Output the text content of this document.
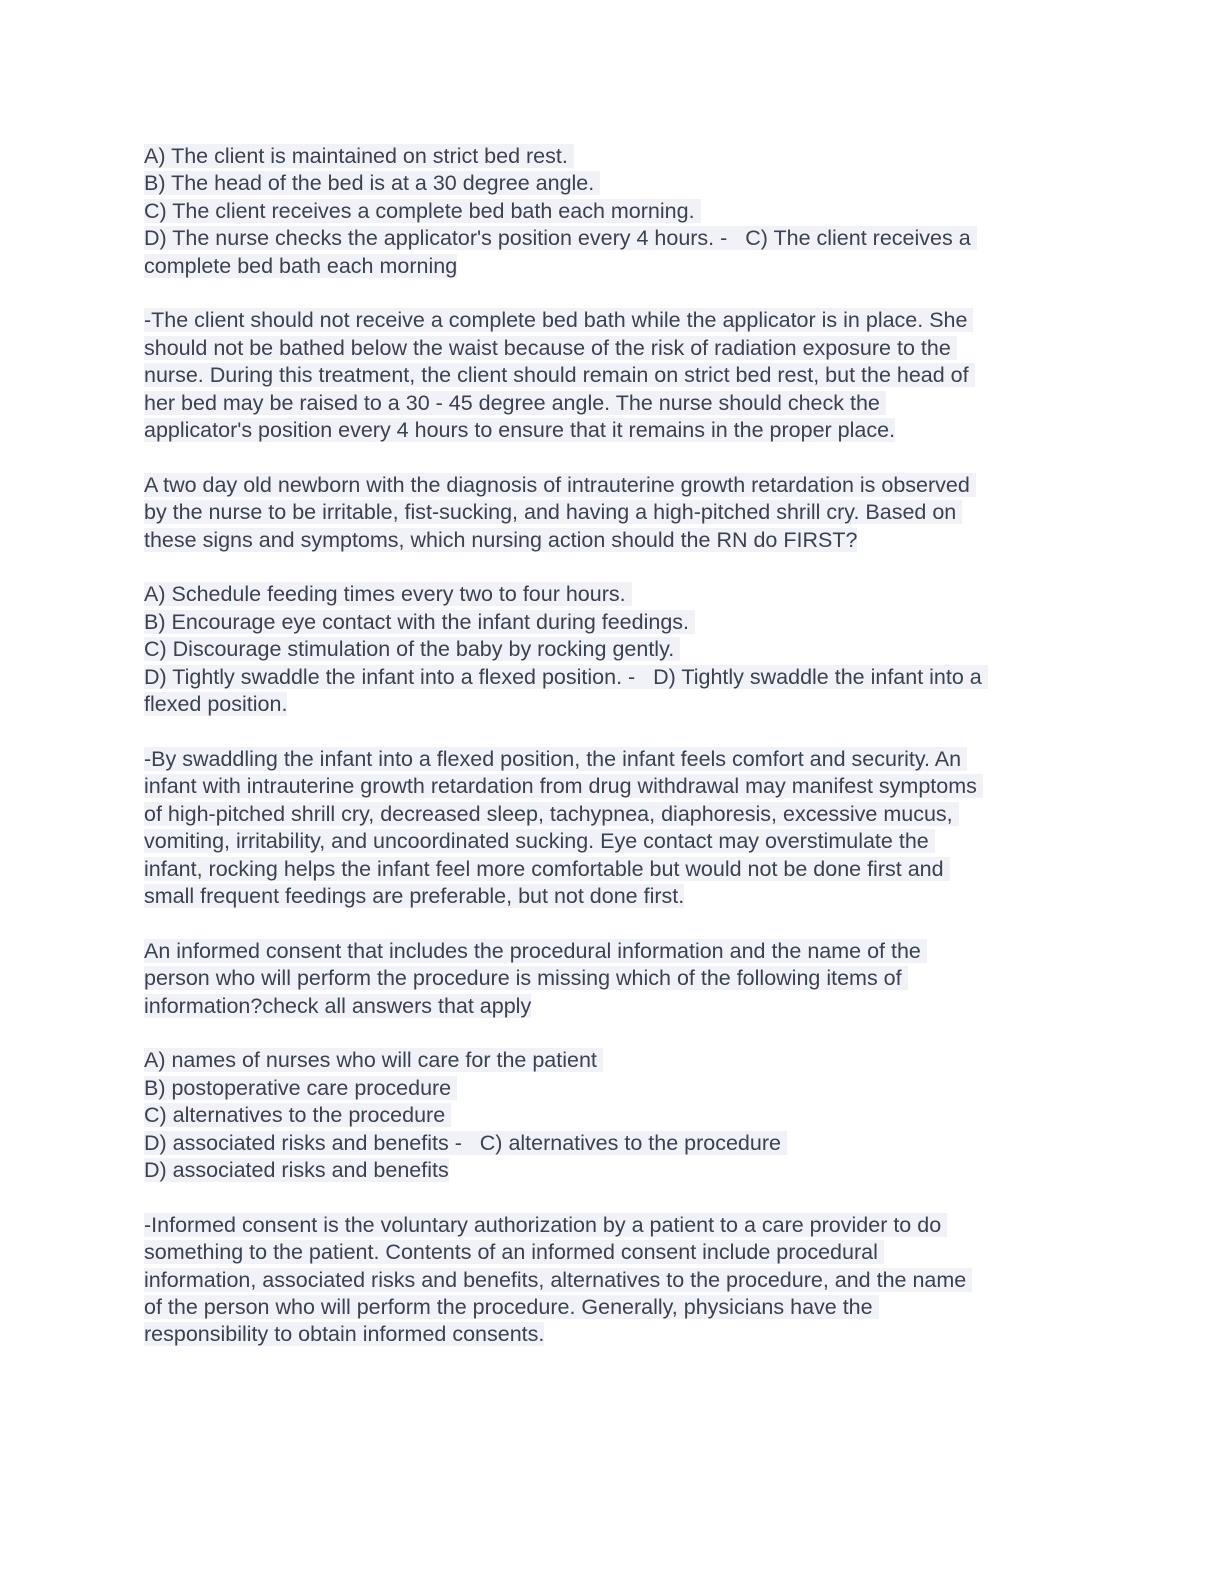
A) The client is maintained on strict bed rest.
B) The head of the bed is at a 30 degree angle.
C) The client receives a complete bed bath each morning.
D) The nurse checks the applicator's position every 4 hours. -   C) The client receives a
complete bed bath each morning
-The client should not receive a complete bed bath while the applicator is in place. She
should not be bathed below the waist because of the risk of radiation exposure to the
nurse. During this treatment, the client should remain on strict bed rest, but the head of
her bed may be raised to a 30 - 45 degree angle. The nurse should check the
applicator's position every 4 hours to ensure that it remains in the proper place.
A two day old newborn with the diagnosis of intrauterine growth retardation is observed
by the nurse to be irritable, fist-sucking, and having a high-pitched shrill cry. Based on
these signs and symptoms, which nursing action should the RN do FIRST?
A) Schedule feeding times every two to four hours.
B) Encourage eye contact with the infant during feedings.
C) Discourage stimulation of the baby by rocking gently.
D) Tightly swaddle the infant into a flexed position. -   D) Tightly swaddle the infant into a
flexed position.
-By swaddling the infant into a flexed position, the infant feels comfort and security. An
infant with intrauterine growth retardation from drug withdrawal may manifest symptoms
of high-pitched shrill cry, decreased sleep, tachypnea, diaphoresis, excessive mucus,
vomiting, irritability, and uncoordinated sucking. Eye contact may overstimulate the
infant, rocking helps the infant feel more comfortable but would not be done first and
small frequent feedings are preferable, but not done first.
An informed consent that includes the procedural information and the name of the
person who will perform the procedure is missing which of the following items of
information?check all answers that apply
A) names of nurses who will care for the patient
B) postoperative care procedure
C) alternatives to the procedure
D) associated risks and benefits -   C) alternatives to the procedure
D) associated risks and benefits
-Informed consent is the voluntary authorization by a patient to a care provider to do
something to the patient. Contents of an informed consent include procedural
information, associated risks and benefits, alternatives to the procedure, and the name
of the person who will perform the procedure. Generally, physicians have the
responsibility to obtain informed consents.
